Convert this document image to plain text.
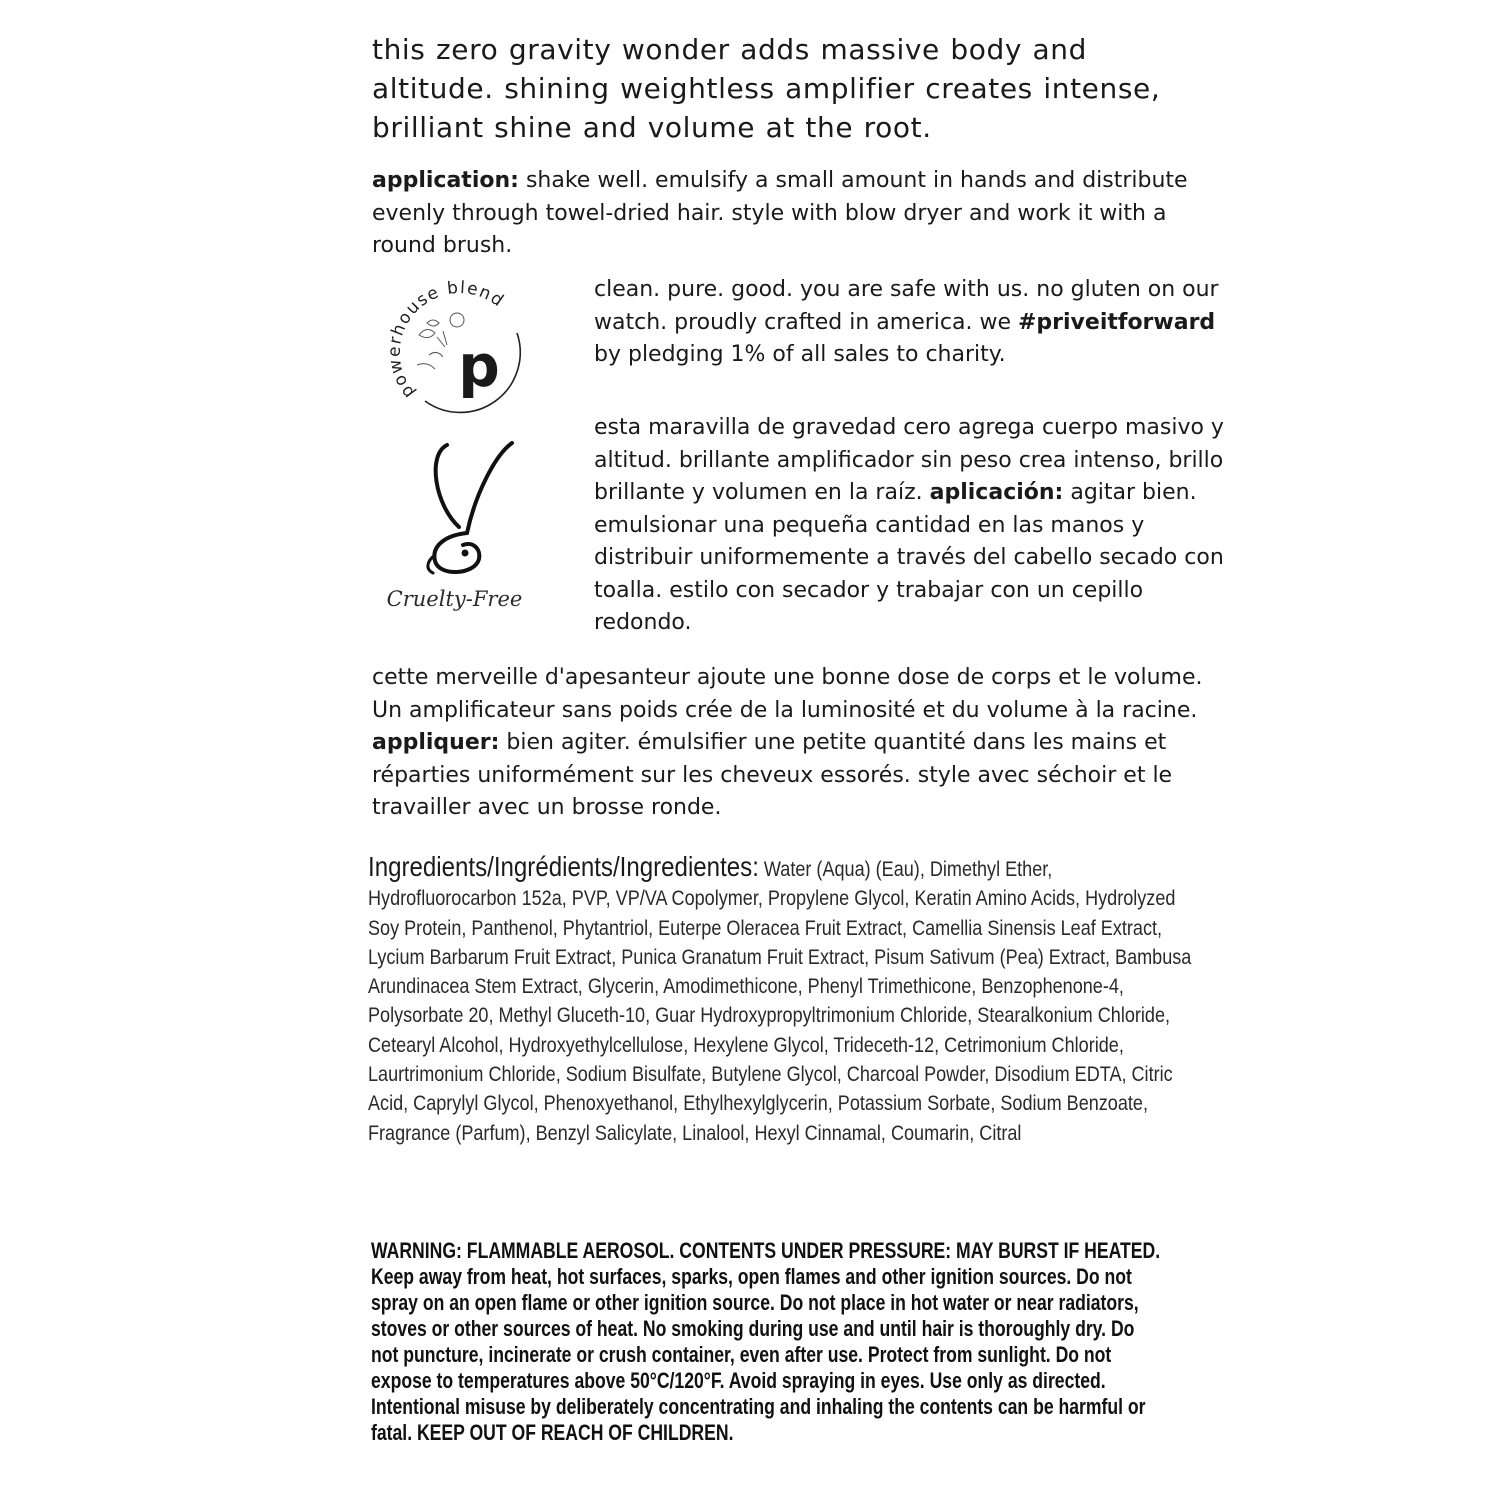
this zero gravity wonder adds massive body and altitude. shining weightless amplifier creates intense, brilliant shine and volume at the root.

application: shake well. emulsify a small amount in hands and distribute evenly through towel-dried hair. style with blow dryer and work it with a round brush.

powerhouse blend
p
Cruelty-Free

clean. pure. good. you are safe with us. no gluten on our watch. proudly crafted in america. we #priveitforward by pledging 1% of all sales to charity.

esta maravilla de gravedad cero agrega cuerpo masivo y altitud. brillante amplificador sin peso crea intenso, brillo brillante y volumen en la raíz. aplicación: agitar bien. emulsionar una pequeña cantidad en las manos y distribuir uniformemente a través del cabello secado con toalla. estilo con secador y trabajar con un cepillo redondo.

cette merveille d'apesanteur ajoute une bonne dose de corps et le volume. Un amplificateur sans poids crée de la luminosité et du volume à la racine. appliquer: bien agiter. émulsifier une petite quantité dans les mains et réparties uniformément sur les cheveux essorés. style avec séchoir et le travailler avec un brosse ronde.

Ingredients/Ingrédients/Ingredientes: Water (Aqua) (Eau), Dimethyl Ether, Hydrofluorocarbon 152a, PVP, VP/VA Copolymer, Propylene Glycol, Keratin Amino Acids, Hydrolyzed Soy Protein, Panthenol, Phytantriol, Euterpe Oleracea Fruit Extract, Camellia Sinensis Leaf Extract, Lycium Barbarum Fruit Extract, Punica Granatum Fruit Extract, Pisum Sativum (Pea) Extract, Bambusa Arundinacea Stem Extract, Glycerin, Amodimethicone, Phenyl Trimethicone, Benzophenone-4, Polysorbate 20, Methyl Gluceth-10, Guar Hydroxypropyltrimonium Chloride, Stearalkonium Chloride, Cetearyl Alcohol, Hydroxyethylcellulose, Hexylene Glycol, Trideceth-12, Cetrimonium Chloride, Laurtrimonium Chloride, Sodium Bisulfate, Butylene Glycol, Charcoal Powder, Disodium EDTA, Citric Acid, Caprylyl Glycol, Phenoxyethanol, Ethylhexylglycerin, Potassium Sorbate, Sodium Benzoate, Fragrance (Parfum), Benzyl Salicylate, Linalool, Hexyl Cinnamal, Coumarin, Citral

WARNING: FLAMMABLE AEROSOL. CONTENTS UNDER PRESSURE: MAY BURST IF HEATED. Keep away from heat, hot surfaces, sparks, open flames and other ignition sources. Do not spray on an open flame or other ignition source. Do not place in hot water or near radiators, stoves or other sources of heat. No smoking during use and until hair is thoroughly dry. Do not puncture, incinerate or crush container, even after use. Protect from sunlight. Do not expose to temperatures above 50°C/120°F. Avoid spraying in eyes. Use only as directed. Intentional misuse by deliberately concentrating and inhaling the contents can be harmful or fatal. KEEP OUT OF REACH OF CHILDREN.
